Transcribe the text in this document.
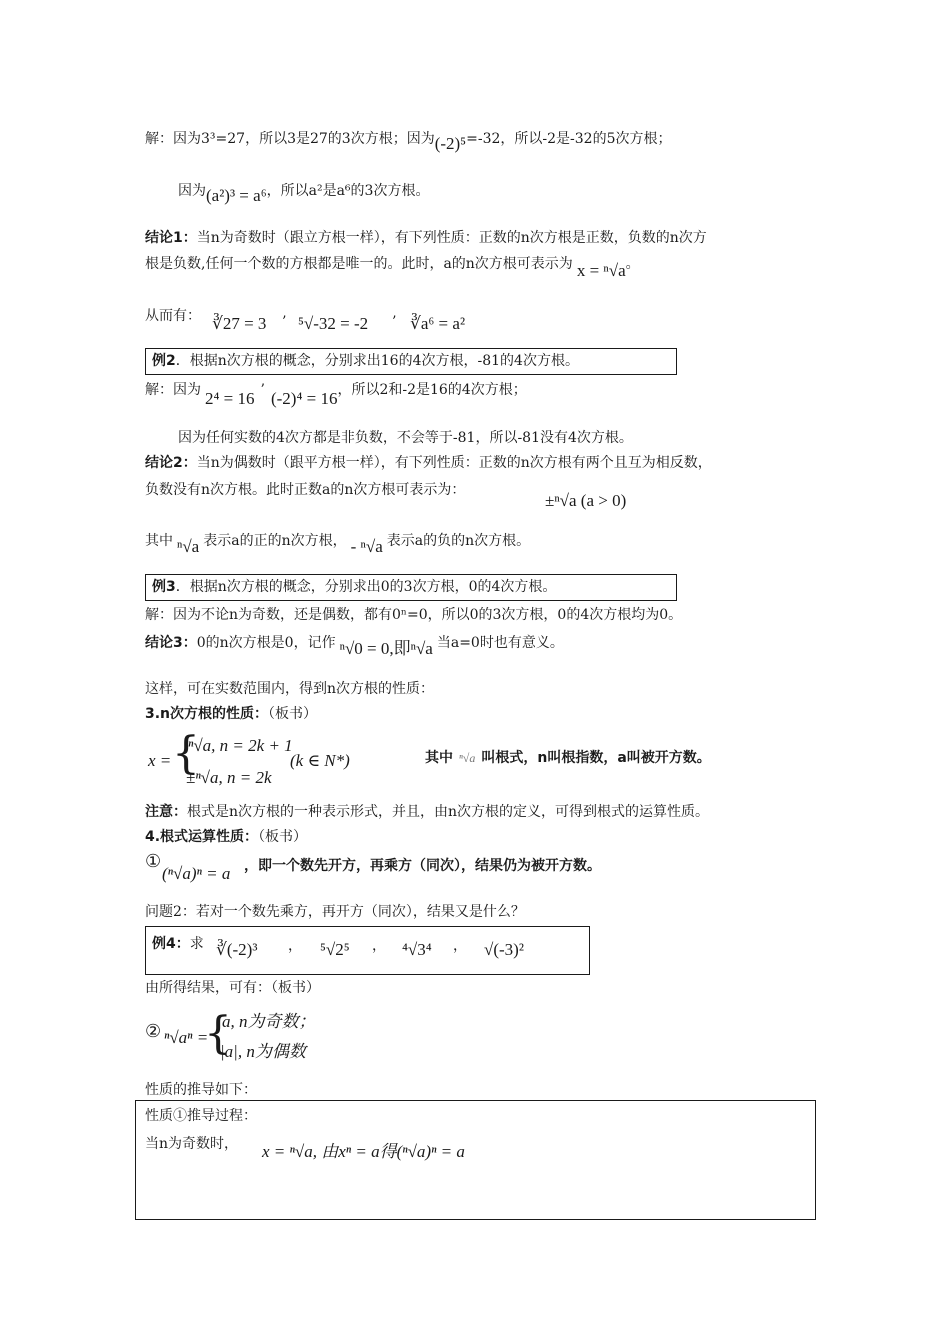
解：因为3³=27，所以3是27的3次方根；因为(-2)⁵=-32，所以-2是-32的5次方根；
因为(a²)³ = a⁶，所以a²是a⁶的3次方根。
结论1：当n为奇数时（跟立方根一样），有下列性质：正数的n次方根是正数，负数的n次方
根是负数,任何一个数的方根都是唯一的。此时，a的n次方根可表示为 x = ⁿ√a。
从而有： ∛27 = 3 ’ ⁵√-32 = -2 ’ ∛a⁶ = a²
例2．根据n次方根的概念，分别求出16的4次方根，-81的4次方根。
解：因为 2⁴ = 16 ’ (-2)⁴ = 16，所以2和-2是16的4次方根；
因为任何实数的4次方都是非负数，不会等于-81，所以-81没有4次方根。
结论2：当n为偶数时（跟平方根一样），有下列性质：正数的n次方根有两个且互为相反数，
负数没有n次方根。此时正数a的n次方根可表示为：
±ⁿ√a (a > 0)
其中 ⁿ√a 表示a的正的n次方根， - ⁿ√a 表示a的负的n次方根。
例3．根据n次方根的概念，分别求出0的3次方根，0的4次方根。
解：因为不论n为奇数，还是偶数，都有0ⁿ=0，所以0的3次方根，0的4次方根均为0。
结论3：0的n次方根是0，记作 ⁿ√0 = 0,即ⁿ√a 当a=0时也有意义。
这样，可在实数范围内，得到n次方根的性质：
3.n次方根的性质：（板书）
x = {
ⁿ√a, n = 2k + 1
±ⁿ√a, n = 2k
(k ∈ N*)	其中 ⁿ√a 叫根式，n叫根指数，a叫被开方数。
注意：根式是n次方根的一种表示形式，并且，由n次方根的定义，可得到根式的运算性质。
4.根式运算性质：（板书）
①
(ⁿ√a)ⁿ = a ，即一个数先开方，再乘方（同次），结果仍为被开方数。
问题2：若对一个数先乘方，再开方（同次），结果又是什么？
例4：求 ∛(-2)³ ， ⁵√2⁵ ， ⁴√3⁴ ， √(-3)²
由所得结果，可有：（板书）
② ⁿ√aⁿ =
{
a, n为奇数；
|a|, n为偶数
性质的推导如下：
性质①推导过程：
当n为奇数时， x = ⁿ√a, 由xⁿ = a得(ⁿ√a)ⁿ = a
